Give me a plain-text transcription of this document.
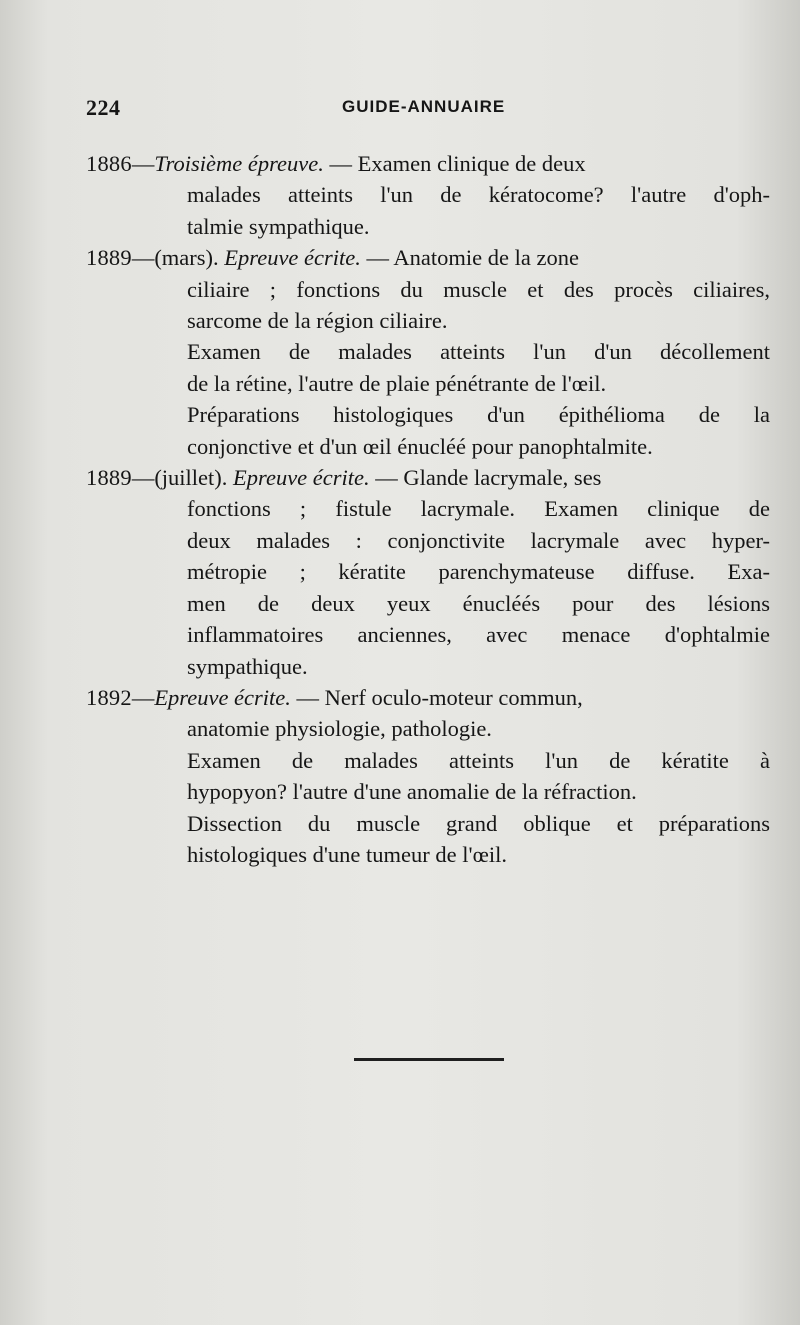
224	GUIDE-ANNUAIRE
1886—Troisième épreuve. — Examen clinique de deux
malades atteints l'un de kératocome? l'autre d'oph-
talmie sympathique.
1889—(mars). Epreuve écrite. — Anatomie de la zone
ciliaire ; fonctions du muscle et des procès ciliaires,
sarcome de la région ciliaire.
Examen de malades atteints l'un d'un décollement
de la rétine, l'autre de plaie pénétrante de l'œil.
Préparations histologiques d'un épithélioma de la
conjonctive et d'un œil énucléé pour panophtalmite.
1889—(juillet). Epreuve écrite. — Glande lacrymale, ses
fonctions ; fistule lacrymale. Examen clinique de
deux malades : conjonctivite lacrymale avec hyper-
métropie ; kératite parenchymateuse diffuse. Exa-
men de deux yeux énucléés pour des lésions
inflammatoires anciennes, avec menace d'ophtalmie
sympathique.
1892—Epreuve écrite. — Nerf oculo-moteur commun,
anatomie physiologie, pathologie.
Examen de malades atteints l'un de kératite à
hypopyon? l'autre d'une anomalie de la réfraction.
Dissection du muscle grand oblique et préparations
histologiques d'une tumeur de l'œil.
